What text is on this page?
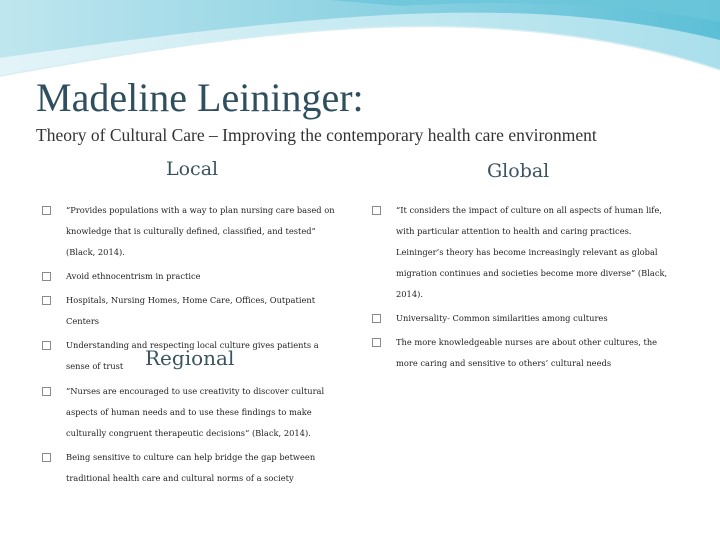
Madeline Leininger:
Theory of Cultural Care – Improving the contemporary health care environment
Local
“Provides populations with a way to plan nursing care based on knowledge that is culturally defined, classified, and tested” (Black, 2014).
Avoid ethnocentrism in practice
Hospitals, Nursing Homes, Home Care, Offices, Outpatient Centers
Understanding and respecting local culture gives patients a sense of trust
Global
“It considers the impact of culture on all aspects of human life, with particular attention to health and caring practices. Leininger’s theory has become increasingly relevant as global migration continues and societies become more diverse” (Black, 2014).
Universality- Common similarities among cultures
The more knowledgeable nurses are about other cultures, the more caring and sensitive to others’ cultural needs
Regional
“Nurses are encouraged to use creativity to discover cultural aspects of human needs and to use these findings to make culturally congruent therapeutic decisions” (Black, 2014).
Being sensitive to culture can help bridge the gap between traditional health care and cultural norms of a society
